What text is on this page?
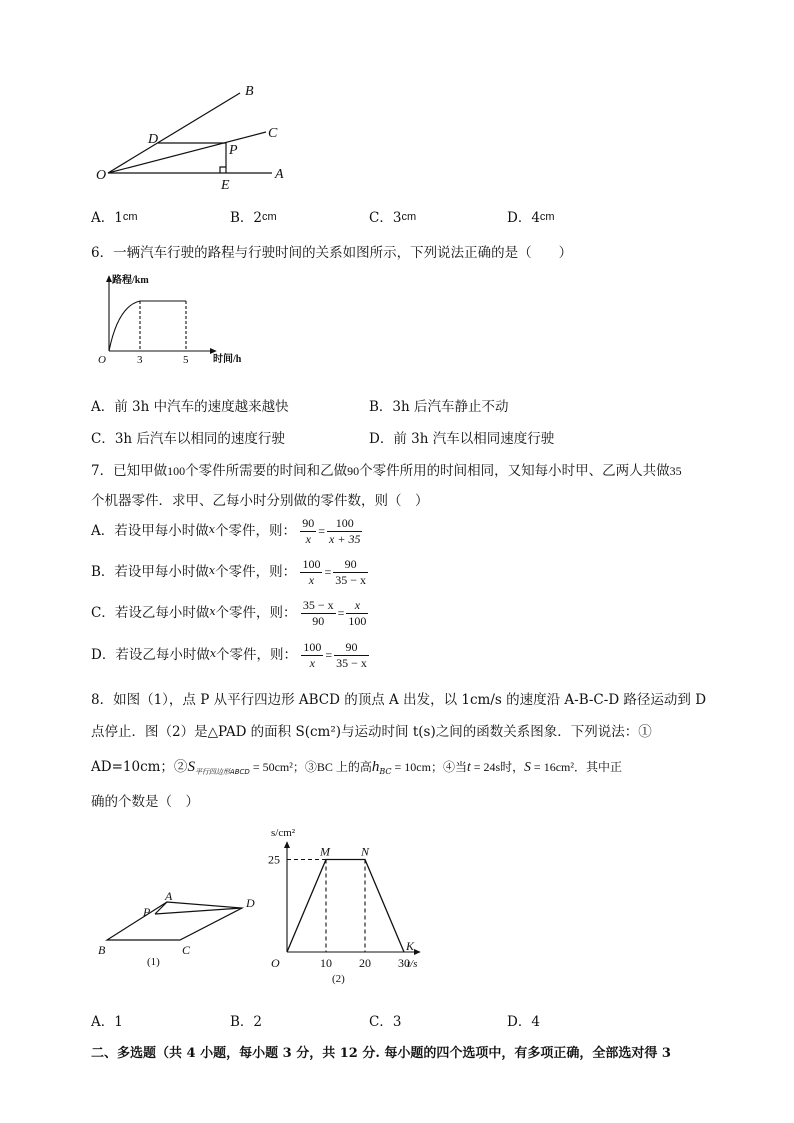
B
D	C
P
O
E
A
A．1cm	B．2cm	C．3cm	D．4cm
6．一辆汽车行驶的路程与行驶时间的关系如图所示，下列说法正确的是（　　）
路程/km
时间/h
O	3	5
A．前 3h 中汽车的速度越来越快	B．3h 后汽车静止不动
C．3h 后汽车以相同的速度行驶	D．前 3h 汽车以相同速度行驶
7．已知甲做100个零件所需要的时间和乙做90个零件所用的时间相同，又知每小时甲、乙两人共做35
个机器零件．求甲、乙每小时分别做的零件数，则（　）
A．若设甲每小时做x个零件，则： $\frac{90}{x} = \frac{100}{x + 35}$
B．若设甲每小时做x个零件，则： $\frac{100}{x} = \frac{90}{35 - x}$
C．若设乙每小时做x个零件，则： $\frac{35 - x}{90} = \frac{x}{100}$
D．若设乙每小时做x个零件，则： $\frac{100}{x} = \frac{90}{35 - x}$
8．如图（1），点 P 从平行四边形 ABCD 的顶点 A 出发，以 1cm/s 的速度沿 A-B-C-D 路径运动到 D
点停止．图（2）是△PAD 的面积 S(cm²)与运动时间 t(s)之间的函数关系图象．下列说法：①
AD=10cm；$②S_{平行四边形ABCD} = 50cm^2$；③BC 上的高$h_{BC} = 10cm$；④当t = 24s时，S = 16cm²．其中正
确的个数是（　）
A
P
D
B	C
(1)
25
M	N
K
10 20 30
s/cm²
t/s
O
(2)
A．1	B．2	C．3	D．4
二、多选题（共 4 小题，每小题 3 分，共 12 分. 每小题的四个选项中，有多项正确，全部选对得 3
